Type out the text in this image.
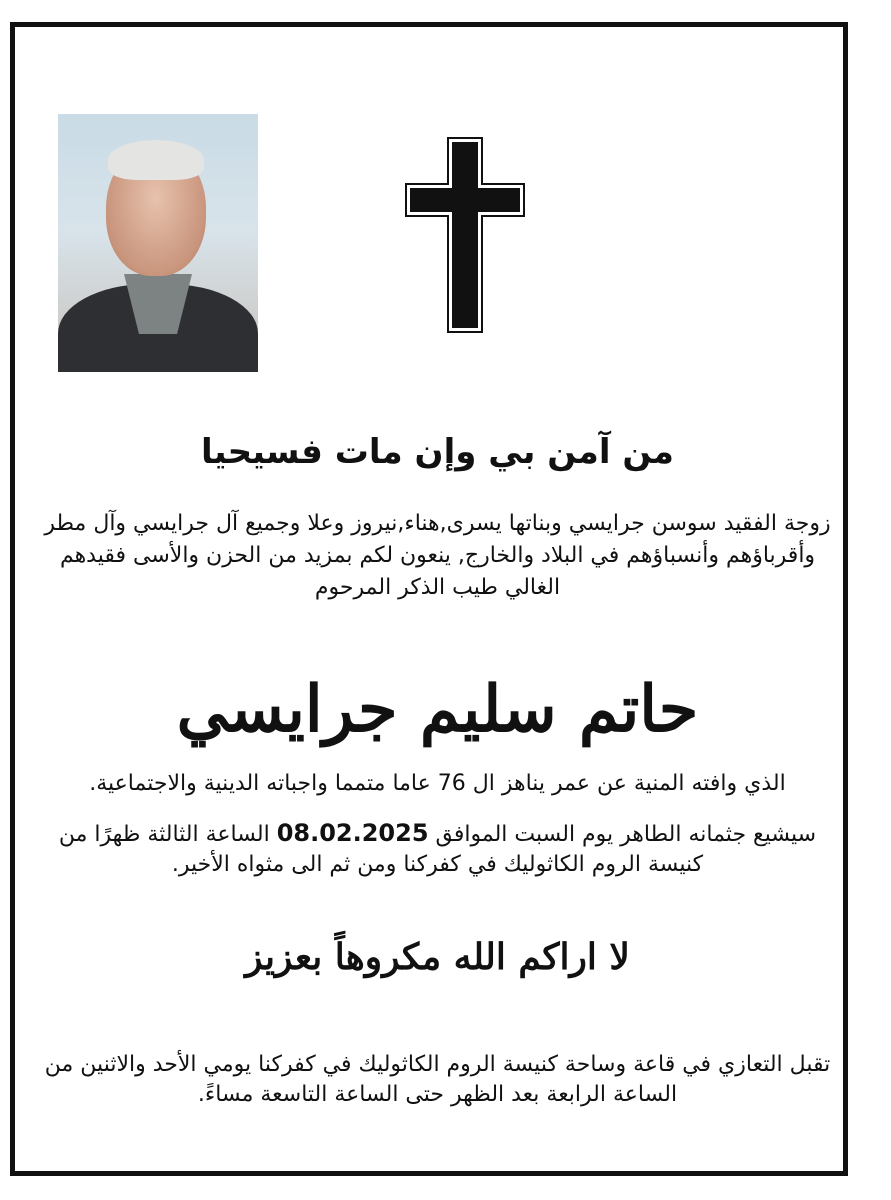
من آمن بي وإن مات فسيحيا
زوجة الفقيد سوسن جرايسي وبناتها يسرى,هناء,نيروز وعلا وجميع آل جرايسي وآل مطر وأقرباؤهم وأنسباؤهم في البلاد والخارج, ينعون لكم بمزيد من الحزن والأسى فقيدهم الغالي طيب الذكر المرحوم
حاتم سليم جرايسي
الذي وافته المنية عن عمر يناهز ال 76 عاما متمما واجباته الدينية والاجتماعية.
سيشيع جثمانه الطاهر يوم السبت الموافق 08.02.2025 الساعة الثالثة ظهرًا من كنيسة الروم الكاثوليك في كفركنا ومن ثم الى مثواه الأخير.
لا اراكم الله مكروهاً بعزيز
تقبل التعازي في قاعة وساحة كنيسة الروم الكاثوليك في كفركنا يومي الأحد والاثنين من الساعة الرابعة بعد الظهر حتى الساعة التاسعة مساءً.
